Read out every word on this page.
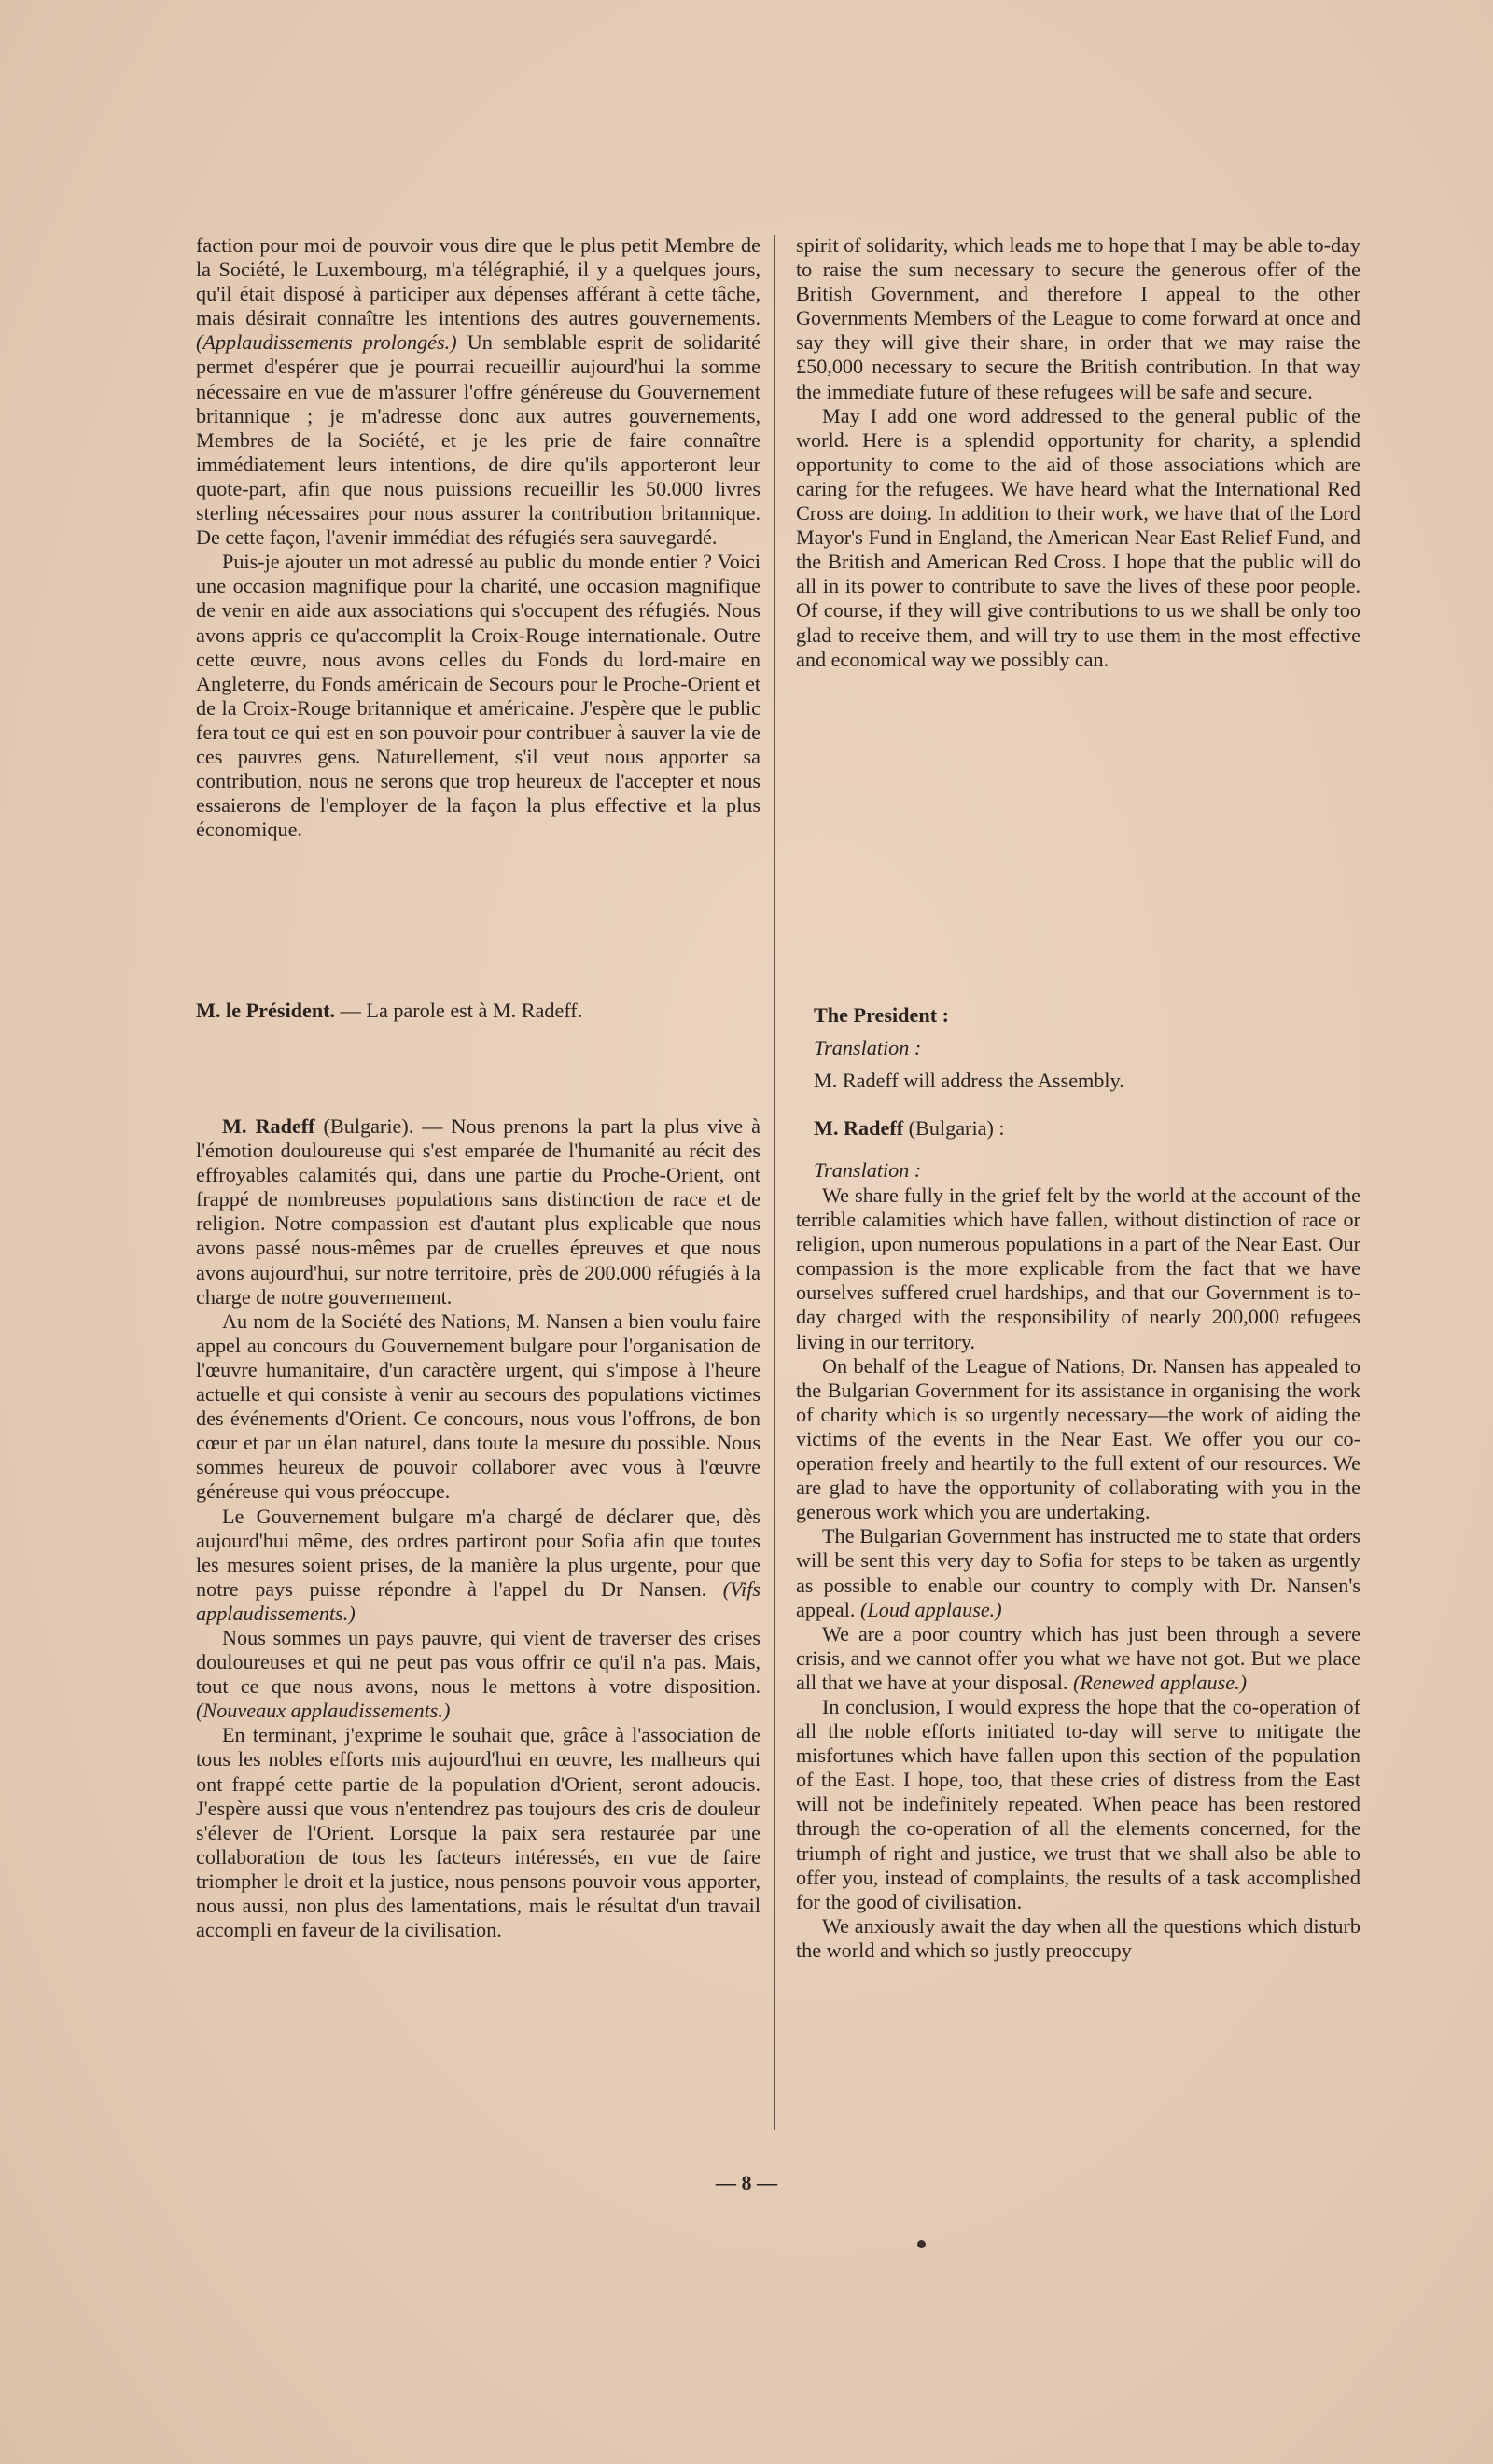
faction pour moi de pouvoir vous dire que le plus petit Membre de la Société, le Luxembourg, m'a télégraphié, il y a quelques jours, qu'il était disposé à participer aux dépenses afférant à cette tâche, mais désirait connaître les intentions des autres gouvernements. (Applaudissements prolongés.) Un semblable esprit de solidarité permet d'espérer que je pourrai recueillir aujourd'hui la somme nécessaire en vue de m'assurer l'offre généreuse du Gouvernement britannique ; je m'adresse donc aux autres gouvernements, Membres de la Société, et je les prie de faire connaître immédiatement leurs intentions, de dire qu'ils apporteront leur quote-part, afin que nous puissions recueillir les 50.000 livres sterling nécessaires pour nous assurer la contribution britannique. De cette façon, l'avenir immédiat des réfugiés sera sauvegardé.

Puis-je ajouter un mot adressé au public du monde entier ? Voici une occasion magnifique pour la charité, une occasion magnifique de venir en aide aux associations qui s'occupent des réfugiés. Nous avons appris ce qu'accomplit la Croix-Rouge internationale. Outre cette œuvre, nous avons celles du Fonds du lord-maire en Angleterre, du Fonds américain de Secours pour le Proche-Orient et de la Croix-Rouge britannique et américaine. J'espère que le public fera tout ce qui est en son pouvoir pour contribuer à sauver la vie de ces pauvres gens. Naturellement, s'il veut nous apporter sa contribution, nous ne serons que trop heureux de l'accepter et nous essaierons de l'employer de la façon la plus effective et la plus économique.

M. le Président. — La parole est à M. Radeff.

M. Radeff (Bulgarie). — Nous prenons la part la plus vive à l'émotion douloureuse qui s'est emparée de l'humanité au récit des effroyables calamités qui, dans une partie du Proche-Orient, ont frappé de nombreuses populations sans distinction de race et de religion. Notre compassion est d'autant plus explicable que nous avons passé nous-mêmes par de cruelles épreuves et que nous avons aujourd'hui, sur notre territoire, près de 200.000 réfugiés à la charge de notre gouvernement.

Au nom de la Société des Nations, M. Nansen a bien voulu faire appel au concours du Gouvernement bulgare pour l'organisation de l'œuvre humanitaire, d'un caractère urgent, qui s'impose à l'heure actuelle et qui consiste à venir au secours des populations victimes des événements d'Orient. Ce concours, nous vous l'offrons, de bon cœur et par un élan naturel, dans toute la mesure du possible. Nous sommes heureux de pouvoir collaborer avec vous à l'œuvre généreuse qui vous préoccupe.

Le Gouvernement bulgare m'a chargé de déclarer que, dès aujourd'hui même, des ordres partiront pour Sofia afin que toutes les mesures soient prises, de la manière la plus urgente, pour que notre pays puisse répondre à l'appel du Dr Nansen. (Vifs applaudissements.)

Nous sommes un pays pauvre, qui vient de traverser des crises douloureuses et qui ne peut pas vous offrir ce qu'il n'a pas. Mais, tout ce que nous avons, nous le mettons à votre disposition. (Nouveaux applaudissements.)

En terminant, j'exprime le souhait que, grâce à l'association de tous les nobles efforts mis aujourd'hui en œuvre, les malheurs qui ont frappé cette partie de la population d'Orient, seront adoucis. J'espère aussi que vous n'entendrez pas toujours des cris de douleur s'élever de l'Orient. Lorsque la paix sera restaurée par une collaboration de tous les facteurs intéressés, en vue de faire triompher le droit et la justice, nous pensons pouvoir vous apporter, nous aussi, non plus des lamentations, mais le résultat d'un travail accompli en faveur de la civilisation.

spirit of solidarity, which leads me to hope that I may be able to-day to raise the sum necessary to secure the generous offer of the British Government, and therefore I appeal to the other Governments Members of the League to come forward at once and say they will give their share, in order that we may raise the £50,000 necessary to secure the British contribution. In that way the immediate future of these refugees will be safe and secure.

May I add one word addressed to the general public of the world. Here is a splendid opportunity for charity, a splendid opportunity to come to the aid of those associations which are caring for the refugees. We have heard what the International Red Cross are doing. In addition to their work, we have that of the Lord Mayor's Fund in England, the American Near East Relief Fund, and the British and American Red Cross. I hope that the public will do all in its power to contribute to save the lives of these poor people. Of course, if they will give contributions to us we shall be only too glad to receive them, and will try to use them in the most effective and economical way we possibly can.

The President :
Translation :
M. Radeff will address the Assembly.
M. Radeff (Bulgaria) :
Translation :

We share fully in the grief felt by the world at the account of the terrible calamities which have fallen, without distinction of race or religion, upon numerous populations in a part of the Near East. Our compassion is the more explicable from the fact that we have ourselves suffered cruel hardships, and that our Government is to-day charged with the responsibility of nearly 200,000 refugees living in our territory.

On behalf of the League of Nations, Dr. Nansen has appealed to the Bulgarian Government for its assistance in organising the work of charity which is so urgently necessary—the work of aiding the victims of the events in the Near East. We offer you our co-operation freely and heartily to the full extent of our resources. We are glad to have the opportunity of collaborating with you in the generous work which you are undertaking.

The Bulgarian Government has instructed me to state that orders will be sent this very day to Sofia for steps to be taken as urgently as possible to enable our country to comply with Dr. Nansen's appeal. (Loud applause.)

We are a poor country which has just been through a severe crisis, and we cannot offer you what we have not got. But we place all that we have at your disposal. (Renewed applause.)

In conclusion, I would express the hope that the co-operation of all the noble efforts initiated to-day will serve to mitigate the misfortunes which have fallen upon this section of the population of the East. I hope, too, that these cries of distress from the East will not be indefinitely repeated. When peace has been restored through the co-operation of all the elements concerned, for the triumph of right and justice, we trust that we shall also be able to offer you, instead of complaints, the results of a task accomplished for the good of civilisation.

We anxiously await the day when all the questions which disturb the world and which so justly preoccupy

— 8 —
